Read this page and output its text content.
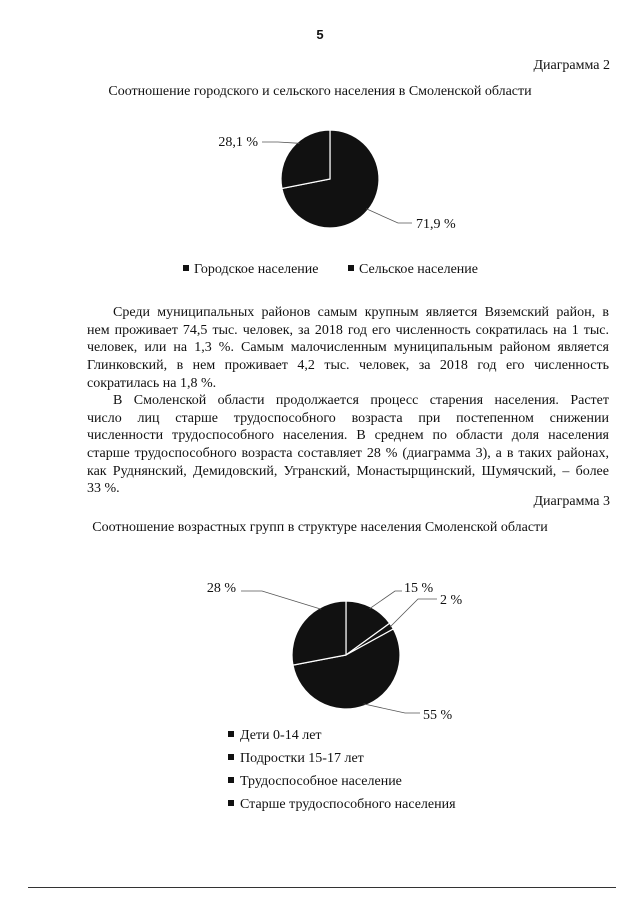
5
Диаграмма 2
Соотношение городского и сельского населения в Смоленской области
71,9 %
28,1 %
Городское население	Сельское население
Среди муниципальных районов самым крупным является Вяземский район, в
нем проживает 74,5 тыс. человек, за 2018 год его численность сократилась на 1 тыс.
человек, или на 1,3 %. Самым малочисленным муниципальным районом является
Глинковский, в нем проживает 4,2 тыс. человек, за 2018 год его численность
сократилась на 1,8 %.
В Смоленской области продолжается процесс старения населения. Растет
число лиц старше трудоспособного возраста при постепенном снижении
численности трудоспособного населения. В среднем по области доля населения
старше трудоспособного возраста составляет 28 % (диаграмма 3), а в таких районах,
как Руднянский, Демидовский, Угранский, Монастырщинский, Шумячский, – более
33 %.
Диаграмма 3
Соотношение возрастных групп в структуре населения Смоленской области
15 %
2 %
55 %
28 %
Дети 0-14 лет
Подростки 15-17 лет
Трудоспособное население
Старше трудоспособного населения
